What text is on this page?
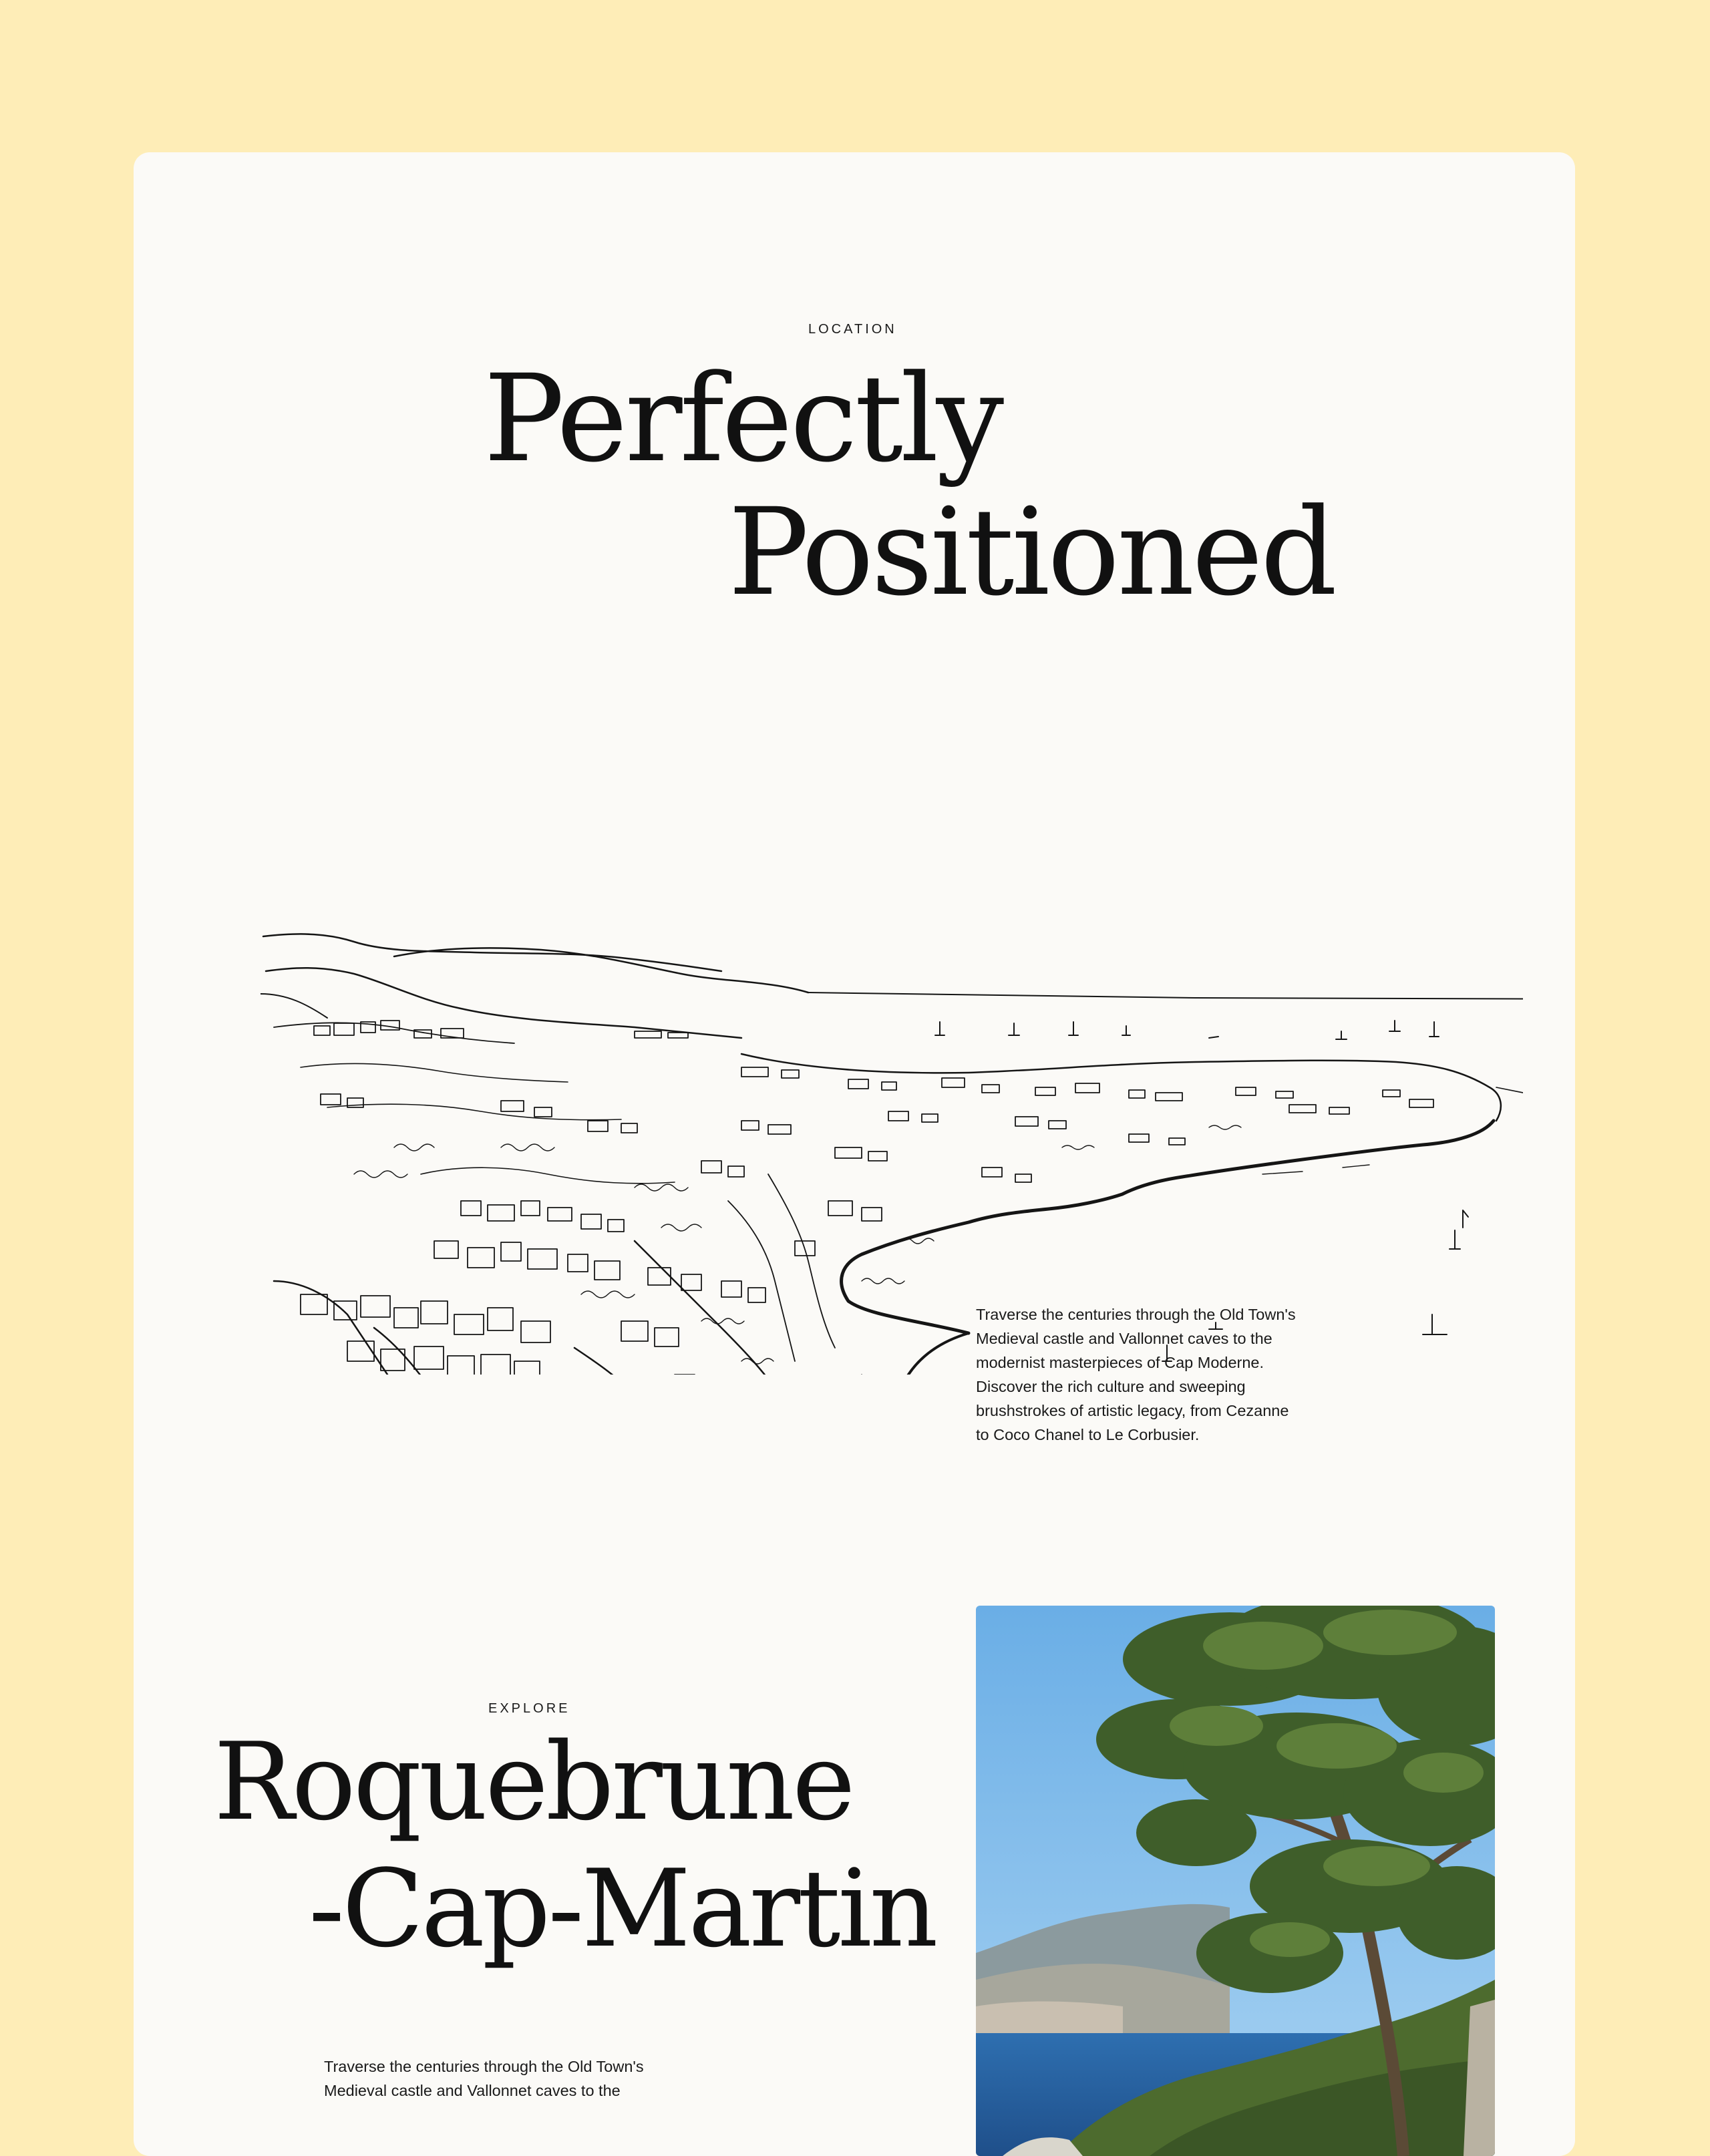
LOCATION
Perfectly
Positioned
Traverse the centuries through the Old Town's
Medieval castle and Vallonnet caves to the
modernist masterpieces of Cap Moderne.
Discover the rich culture and sweeping
brushstrokes of artistic legacy, from Cezanne
to Coco Chanel to Le Corbusier.
EXPLORE
Roquebrune
-Cap-Martin
Traverse the centuries through the Old Town's
Medieval castle and Vallonnet caves to the
